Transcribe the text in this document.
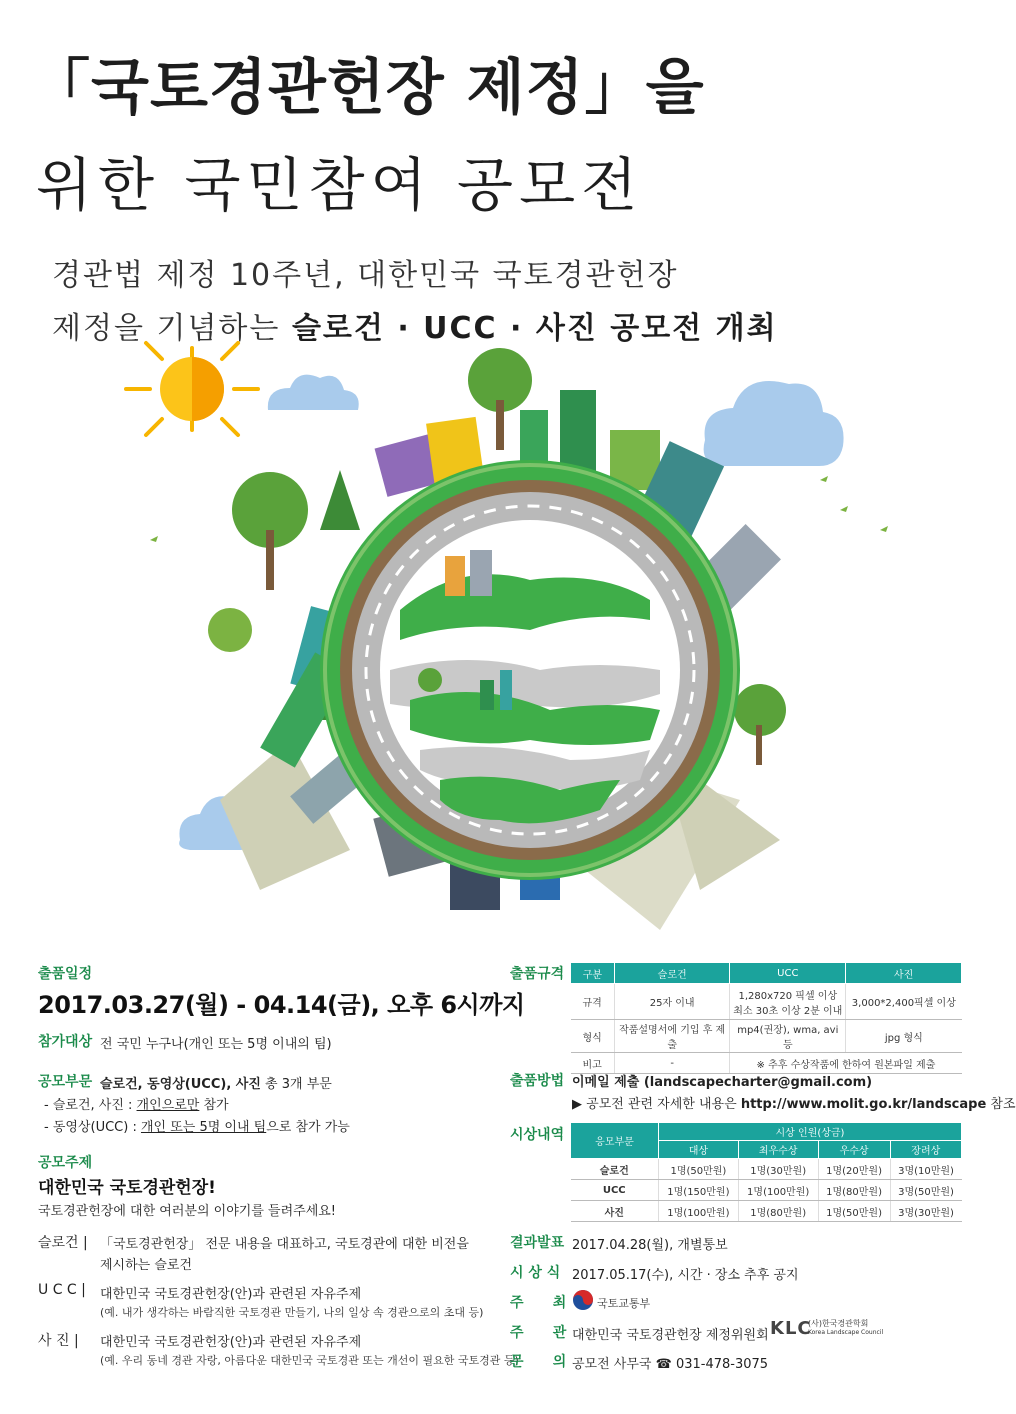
「국토경관헌장 제정」을
위한 국민참여 공모전
경관법 제정 10주년, 대한민국 국토경관헌장
제정을 기념하는 슬로건 · UCC · 사진 공모전 개최
출품일정
2017.03.27(월) - 04.14(금), 오후 6시까지
참가대상 전 국민 누구나(개인 또는 5명 이내의 팀)
공모부문 슬로건, 동영상(UCC), 사진 총 3개 부문
- 슬로건, 사진 : 개인으로만 참가
- 동영상(UCC) : 개인 또는 5명 이내 팀으로 참가 가능
공모주제
대한민국 국토경관헌장!
국토경관헌장에 대한 여러분의 이야기를 들려주세요!
슬로건 | 「국토경관헌장」 전문 내용을 대표하고, 국토경관에 대한 비전을
제시하는 슬로건
U C C | 대한민국 국토경관헌장(안)과 관련된 자유주제
(예. 내가 생각하는 바람직한 국토경관 만들기, 나의 일상 속 경관으로의 초대 등)
사 진 | 대한민국 국토경관헌장(안)과 관련된 자유주제
(예. 우리 동네 경관 자랑, 아름다운 대한민국 국토경관 또는 개선이 필요한 국토경관 등)
출품규격 구분	슬로건	UCC	사진
규격	25자 이내	1,280x720 픽셀 이상
최소 30초 이상 2분 이내	3,000*2,400픽셀 이상
형식	작품설명서에 기입 후 제출	mp4(권장), wma, avi 등	jpg 형식
비고	-	※ 추후 수상작품에 한하여 원본파일 제출	
출품방법 이메일 제출 (landscapecharter@gmail.com)
▶ 공모전 관련 자세한 내용은 http://www.molit.go.kr/landscape 참조
시상내역	응모부문	시상 인원(상금)			
	대상	최우수상	우수상	장려상
슬로건	1명(50만원)	1명(30만원)	1명(20만원)	3명(10만원)
UCC	1명(150만원)	1명(100만원)	1명(80만원)	3명(50만원)
사진	1명(100만원)	1명(80만원)	1명(50만원)	3명(30만원)
결과발표 2017.04.28(월), 개별통보
시 상 식 2017.05.17(수), 시간 · 장소 추후 공지
주      최	국토교통부
주      관 대한민국 국토경관헌장 제정위원회 KLC
(사)한국경관학회
Korea Landscape Council
문      의 공모전 사무국 ☎ 031-478-3075
